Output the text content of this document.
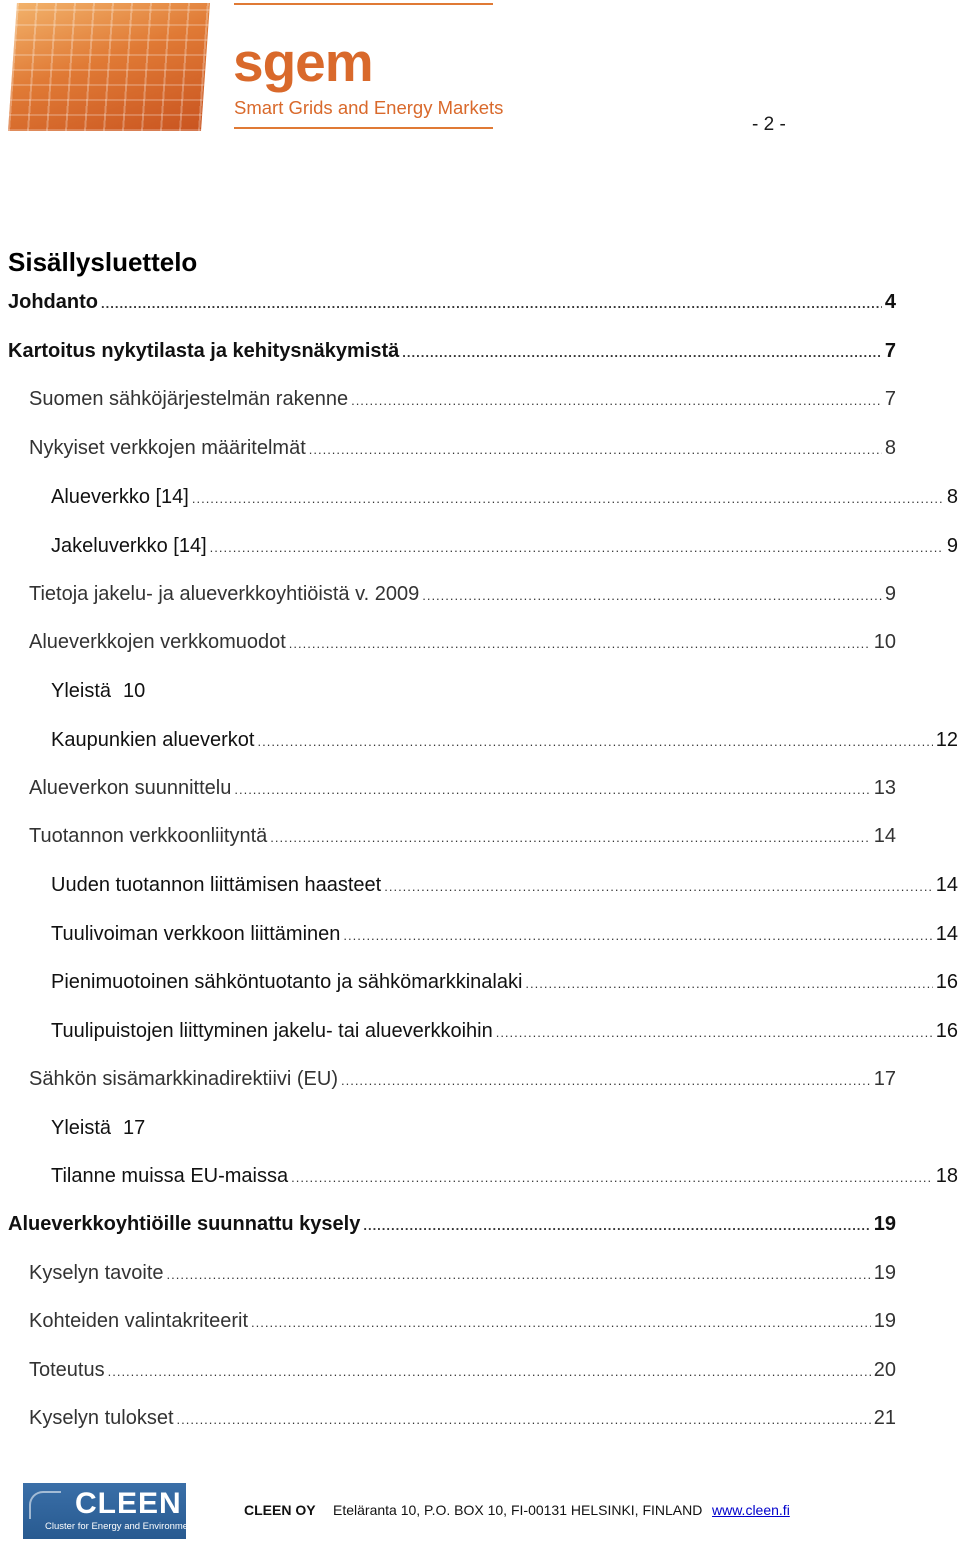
sgem
Smart Grids and Energy Markets
- 2 -
Sisällysluettelo
Johdanto .....	4
Kartoitus nykytilasta ja kehitysnäkymistä .....	7
Suomen sähköjärjestelmän rakenne .....	7
Nykyiset verkkojen määritelmät .....	8
Alueverkko [14] .....	8
Jakeluverkko [14] .....	9
Tietoja jakelu- ja alueverkkoyhtiöistä v. 2009 .....	9
Alueverkkojen verkkomuodot .....	10
Yleistä 10
Kaupunkien alueverkot .....	12
Alueverkon suunnittelu .....	13
Tuotannon verkkoonliityntä .....	14
Uuden tuotannon liittämisen haasteet .....	14
Tuulivoiman verkkoon liittäminen .....	14
Pienimuotoinen sähköntuotanto ja sähkömarkkinalaki .....	16
Tuulipuistojen liittyminen jakelu- tai alueverkkoihin .....	16
Sähkön sisämarkkinadirektiivi (EU) .....	17
Yleistä 17
Tilanne muissa EU-maissa .....	18
Alueverkkoyhtiöille suunnattu kysely .....	19
Kyselyn tavoite .....	19
Kohteiden valintakriteerit .....	19
Toteutus .....	20
Kyselyn tulokset .....	21
CLEEN
Cluster for Energy and Environment
CLEEN OY Eteläranta 10, P.O. BOX 10, FI-00131 HELSINKI, FINLAND www.cleen.fi
